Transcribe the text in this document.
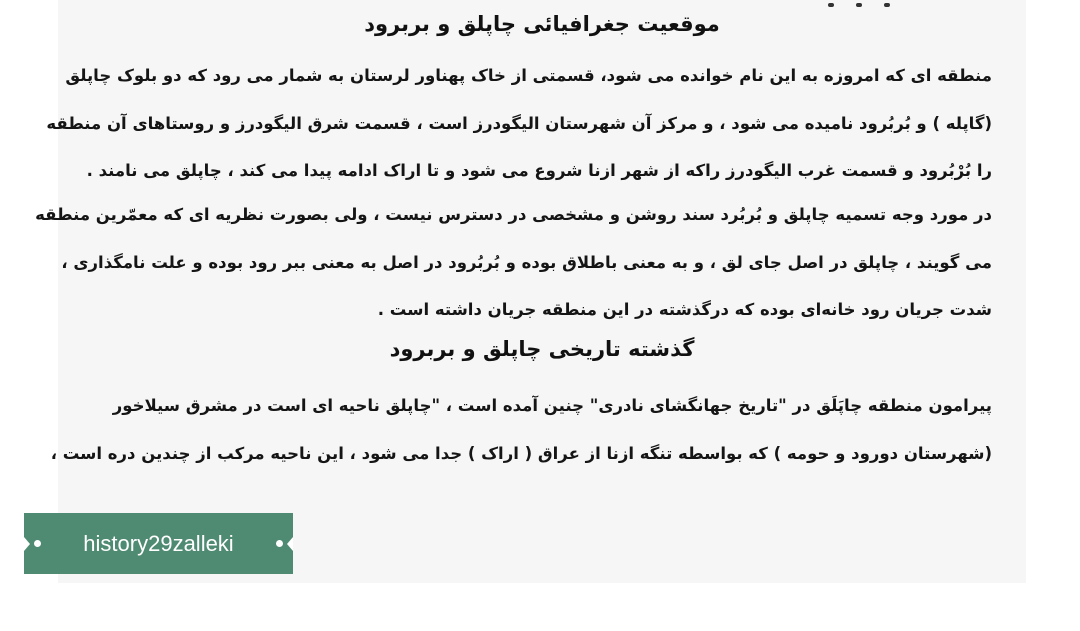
موقعیت جغرافیائی چاپلق و بربرود
منطقه ای که امروزه به این نام خوانده می شود، قسمتی از خاک پهناور لرستان به شمار می رود که دو بلوک چاپلق
(گاپله ) و بُربُرود نامیده می شود ، و مرکز آن شهرستان الیگودرز است ، قسمت شرق الیگودرز و روستاهای آن منطقه
را بُرْبُرود و قسمت غرب الیگودرز راکه از شهر ازنا شروع می شود و تا اراک ادامه پیدا می کند ، چاپلق می نامند .
در مورد وجه تسمیه چاپلق و بُربُرد سند روشن و مشخصی در دسترس نیست ، ولی بصورت نظریه ای که معمّرین منطقه
می گویند ، چاپلق در اصل جای لق ، و به معنی باطلاق بوده و بُربُرود در اصل به معنی ببر رود بوده و علت نامگذاری ،
شدت جریان رود خانه‌ای بوده که درگذشته در این منطقه جریان داشته است .
گذشته تاریخی چاپلق و بربرود
پیرامون منطقه چاپَلَق در "تاریخ جهانگشای نادری" چنین آمده است ، "چاپلق ناحیه ای است در مشرق سیلاخور
(شهرستان دورود و حومه ) که بواسطه تنگه ازنا از عراق ( اراک ) جدا می شود ، این ناحیه مرکب از چندین دره است ،
history29zalleki
